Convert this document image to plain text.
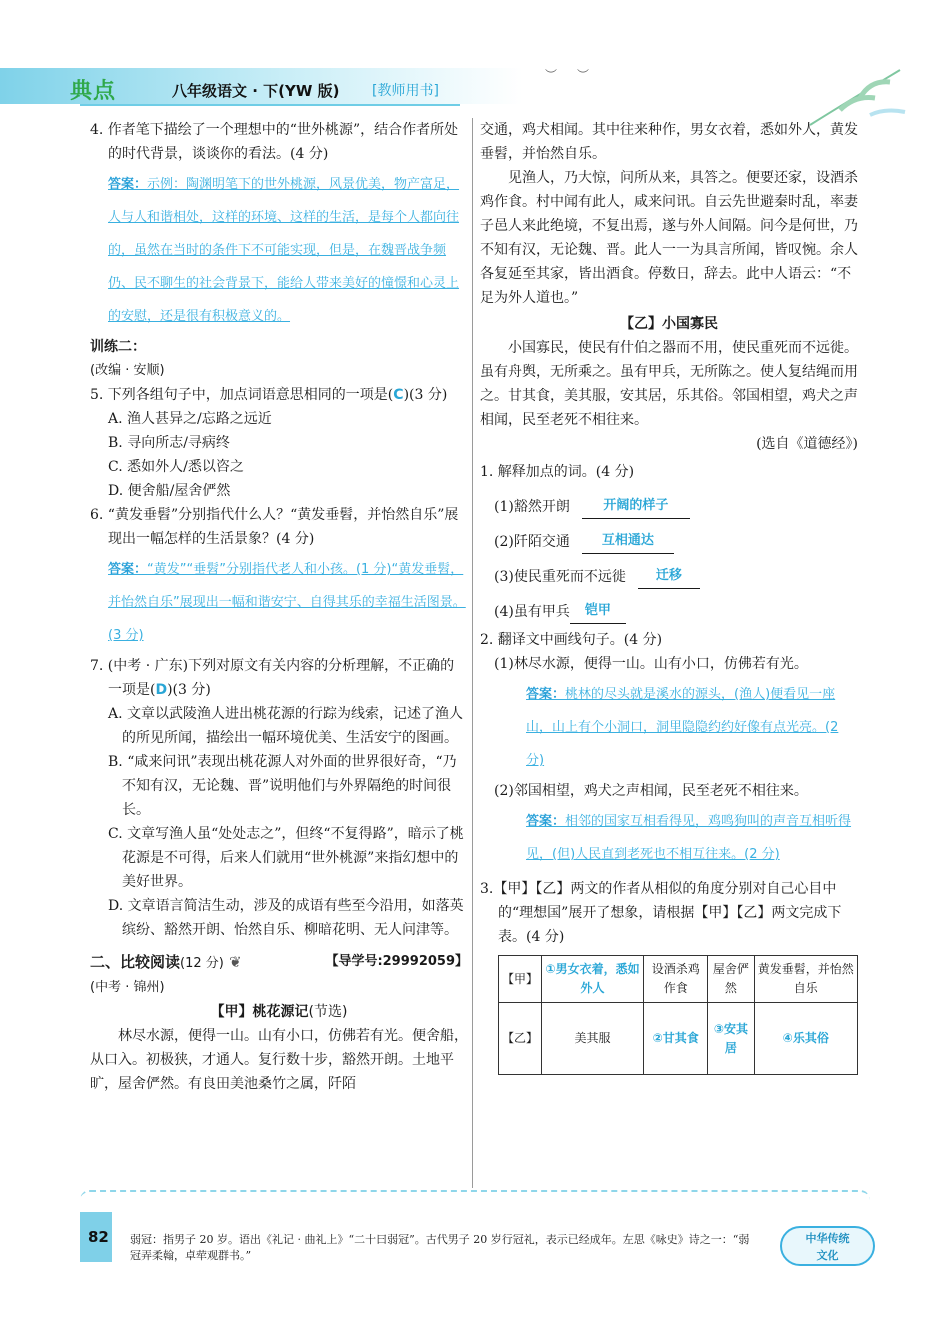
典点	八年级语文 · 下(YW 版) [教师用书]
︶︶

4. 作者笔下描绘了一个理想中的“世外桃源”，结合作者所处的时代背景，谈谈你的看法。(4 分)

答案：示例：陶渊明笔下的世外桃源，风景优美，物产富足，人与人和谐相处，这样的环境、这样的生活，是每个人都向往的，虽然在当时的条件下不可能实现，但是，在魏晋战争频仍、民不聊生的社会背景下，能给人带来美好的憧憬和心灵上的安慰，还是很有积极意义的。

训练二：

(改编 · 安顺)

5. 下列各组句子中，加点词语意思相同的一项是(C)(3 分)

A. 渔人甚异之/忘路之远近

B. 寻向所志/寻病终

C. 悉如外人/悉以咨之

D. 便舍船/屋舍俨然

6. “黄发垂髫”分别指代什么人？“黄发垂髫，并怡然自乐”展现出一幅怎样的生活景象？(4 分)

答案：“黄发”“垂髫”分别指代老人和小孩。(1 分)“黄发垂髫，并怡然自乐”展现出一幅和谐安宁、自得其乐的幸福生活图景。(3 分)

7. (中考 · 广东)下列对原文有关内容的分析理解，不正确的一项是(D)(3 分)

A. 文章以武陵渔人进出桃花源的行踪为线索，记述了渔人的所见所闻，描绘出一幅环境优美、生活安宁的图画。

B. “咸来问讯”表现出桃花源人对外面的世界很好奇，“乃不知有汉，无论魏、晋”说明他们与外界隔绝的时间很长。

C. 文章写渔人虽“处处志之”，但终“不复得路”，暗示了桃花源是不可得，后来人们就用“世外桃源”来指幻想中的美好世界。

D. 文章语言简洁生动，涉及的成语有些至今沿用，如落英缤纷、豁然开朗、怡然自乐、柳暗花明、无人问津等。

二、比较阅读(12 分) ❦	【导学号:29992059】

(中考 · 锦州)

【甲】桃花源记(节选)

林尽水源，便得一山。山有小口，仿佛若有光。便舍船，从口入。初极狭，才通人。复行数十步，豁然开朗。土地平旷，屋舍俨然。有良田美池桑竹之属，阡陌

交通，鸡犬相闻。其中往来种作，男女衣着，悉如外人，黄发垂髫，并怡然自乐。

见渔人，乃大惊，问所从来，具答之。便要还家，设酒杀鸡作食。村中闻有此人，咸来问讯。自云先世避秦时乱，率妻子邑人来此绝境，不复出焉，遂与外人间隔。问今是何世，乃不知有汉，无论魏、晋。此人一一为具言所闻，皆叹惋。余人各复延至其家，皆出酒食。停数日，辞去。此中人语云：“不足为外人道也。”

【乙】小国寡民

小国寡民，使民有什伯之器而不用，使民重死而不远徙。虽有舟舆，无所乘之。虽有甲兵，无所陈之。使人复结绳而用之。甘其食，美其服，安其居，乐其俗。邻国相望，鸡犬之声相闻，民至老死不相往来。

(选自《道德经》)

1. 解释加点的词。(4 分)

(1)豁然开朗	开阔的样子
(2)阡陌交通	互相通达
(3)使民重死而不远徙	迁移
(4)虽有甲兵	铠甲

2. 翻译文中画线句子。(4 分)

(1)林尽水源，便得一山。山有小口，仿佛若有光。

答案：桃林的尽头就是溪水的源头，(渔人)便看见一座山，山上有个小洞口，洞里隐隐约约好像有点光亮。(2 分)

(2)邻国相望，鸡犬之声相闻，民至老死不相往来。

答案：相邻的国家互相看得见，鸡鸣狗叫的声音互相听得见，(但)人民直到老死也不相互往来。(2 分)

3.【甲】【乙】两文的作者从相似的角度分别对自己心目中的“理想国”展开了想象，请根据【甲】【乙】两文完成下表。(4 分)

【甲】	①男女衣着，悉如外人	设酒杀鸡作食	屋舍俨然	黄发垂髫，并怡然自乐
【乙】	美其服	②甘其食	③安其居	④乐其俗
82 弱冠：指男子 20 岁。语出《礼记 · 曲礼上》“二十曰弱冠”。古代男子 20 岁行冠礼，表示已经成年。左思《咏史》诗之一：“弱冠弄柔翰，卓荦观群书。”
中华传统
文化
